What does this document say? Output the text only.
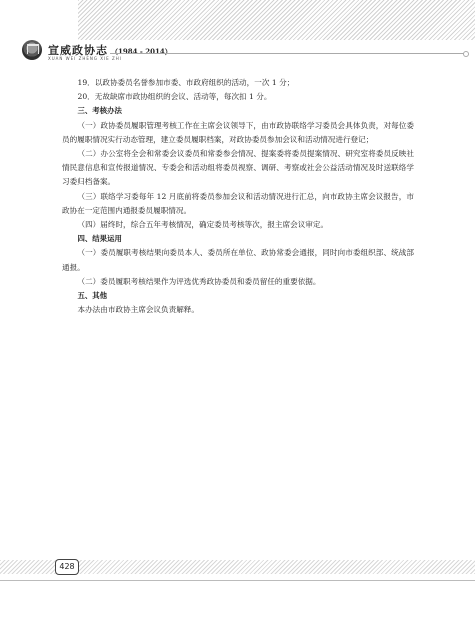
宣威政协志 （1984 - 2014）
XUAN WEI ZHENG XIE ZHI

19．以政协委员名誉参加市委、市政府组织的活动，一次 1 分；

20．无故缺席市政协组织的会议、活动等，每次扣 1 分。

三、考核办法

（一）政协委员履职管理考核工作在主席会议领导下，由市政协联络学习委员会具体负责，对每位委员的履职情况实行动态管理，建立委员履职档案，对政协委员参加会议和活动情况进行登记；

（二）办公室将全会和常委会议委员和常委参会情况、提案委将委员提案情况、研究室将委员反映社情民意信息和宣传报道情况、专委会和活动组将委员视察、调研、考察或社会公益活动情况及时送联络学习委归档备案。

（三）联络学习委每年 12 月底前将委员参加会议和活动情况进行汇总，向市政协主席会议报告，市政协在一定范围内通报委员履职情况。

（四）届终时，综合五年考核情况，确定委员考核等次，报主席会议审定。

四、结果运用

（一）委员履职考核结果向委员本人、委员所在单位、政协常委会通报，同时向市委组织部、统战部通报。

（二）委员履职考核结果作为评选优秀政协委员和委员留任的重要依据。

五、其他

本办法由市政协主席会议负责解释。

428
